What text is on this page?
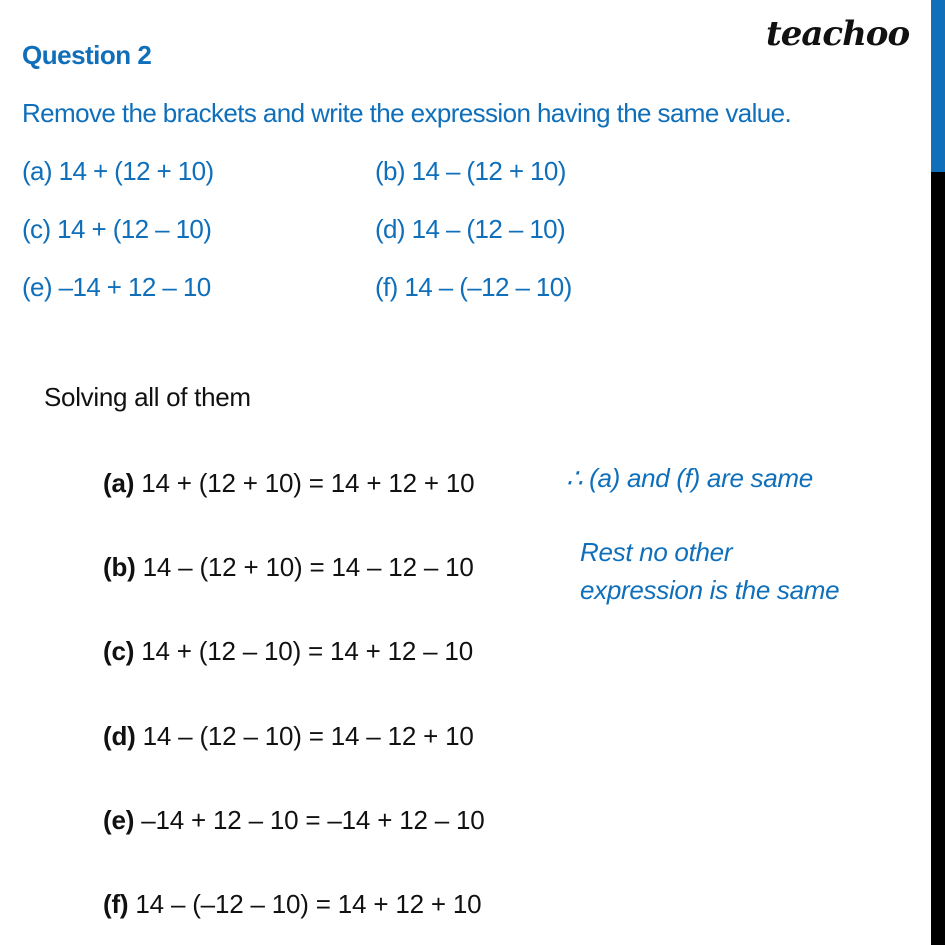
teachoo
Question 2
Remove the brackets and write the expression having the same value.
(a) 14 + (12 + 10)	(b) 14 – (12 + 10)
(c) 14 + (12 – 10)	(d) 14 – (12 – 10)
(e) –14 + 12 – 10	(f) 14 – (–12 – 10)
Solving all of them
(a) 14 + (12 + 10) = 14 + 12 + 10
(b) 14 – (12 + 10) = 14 – 12 – 10
(c) 14 + (12 – 10) = 14 + 12 – 10
(d) 14 – (12 – 10) = 14 – 12 + 10
(e) –14 + 12 – 10 = –14 + 12 – 10
(f) 14 – (–12 – 10) = 14 + 12 + 10
∴ (a) and (f) are same
Rest no other
expression is the same
